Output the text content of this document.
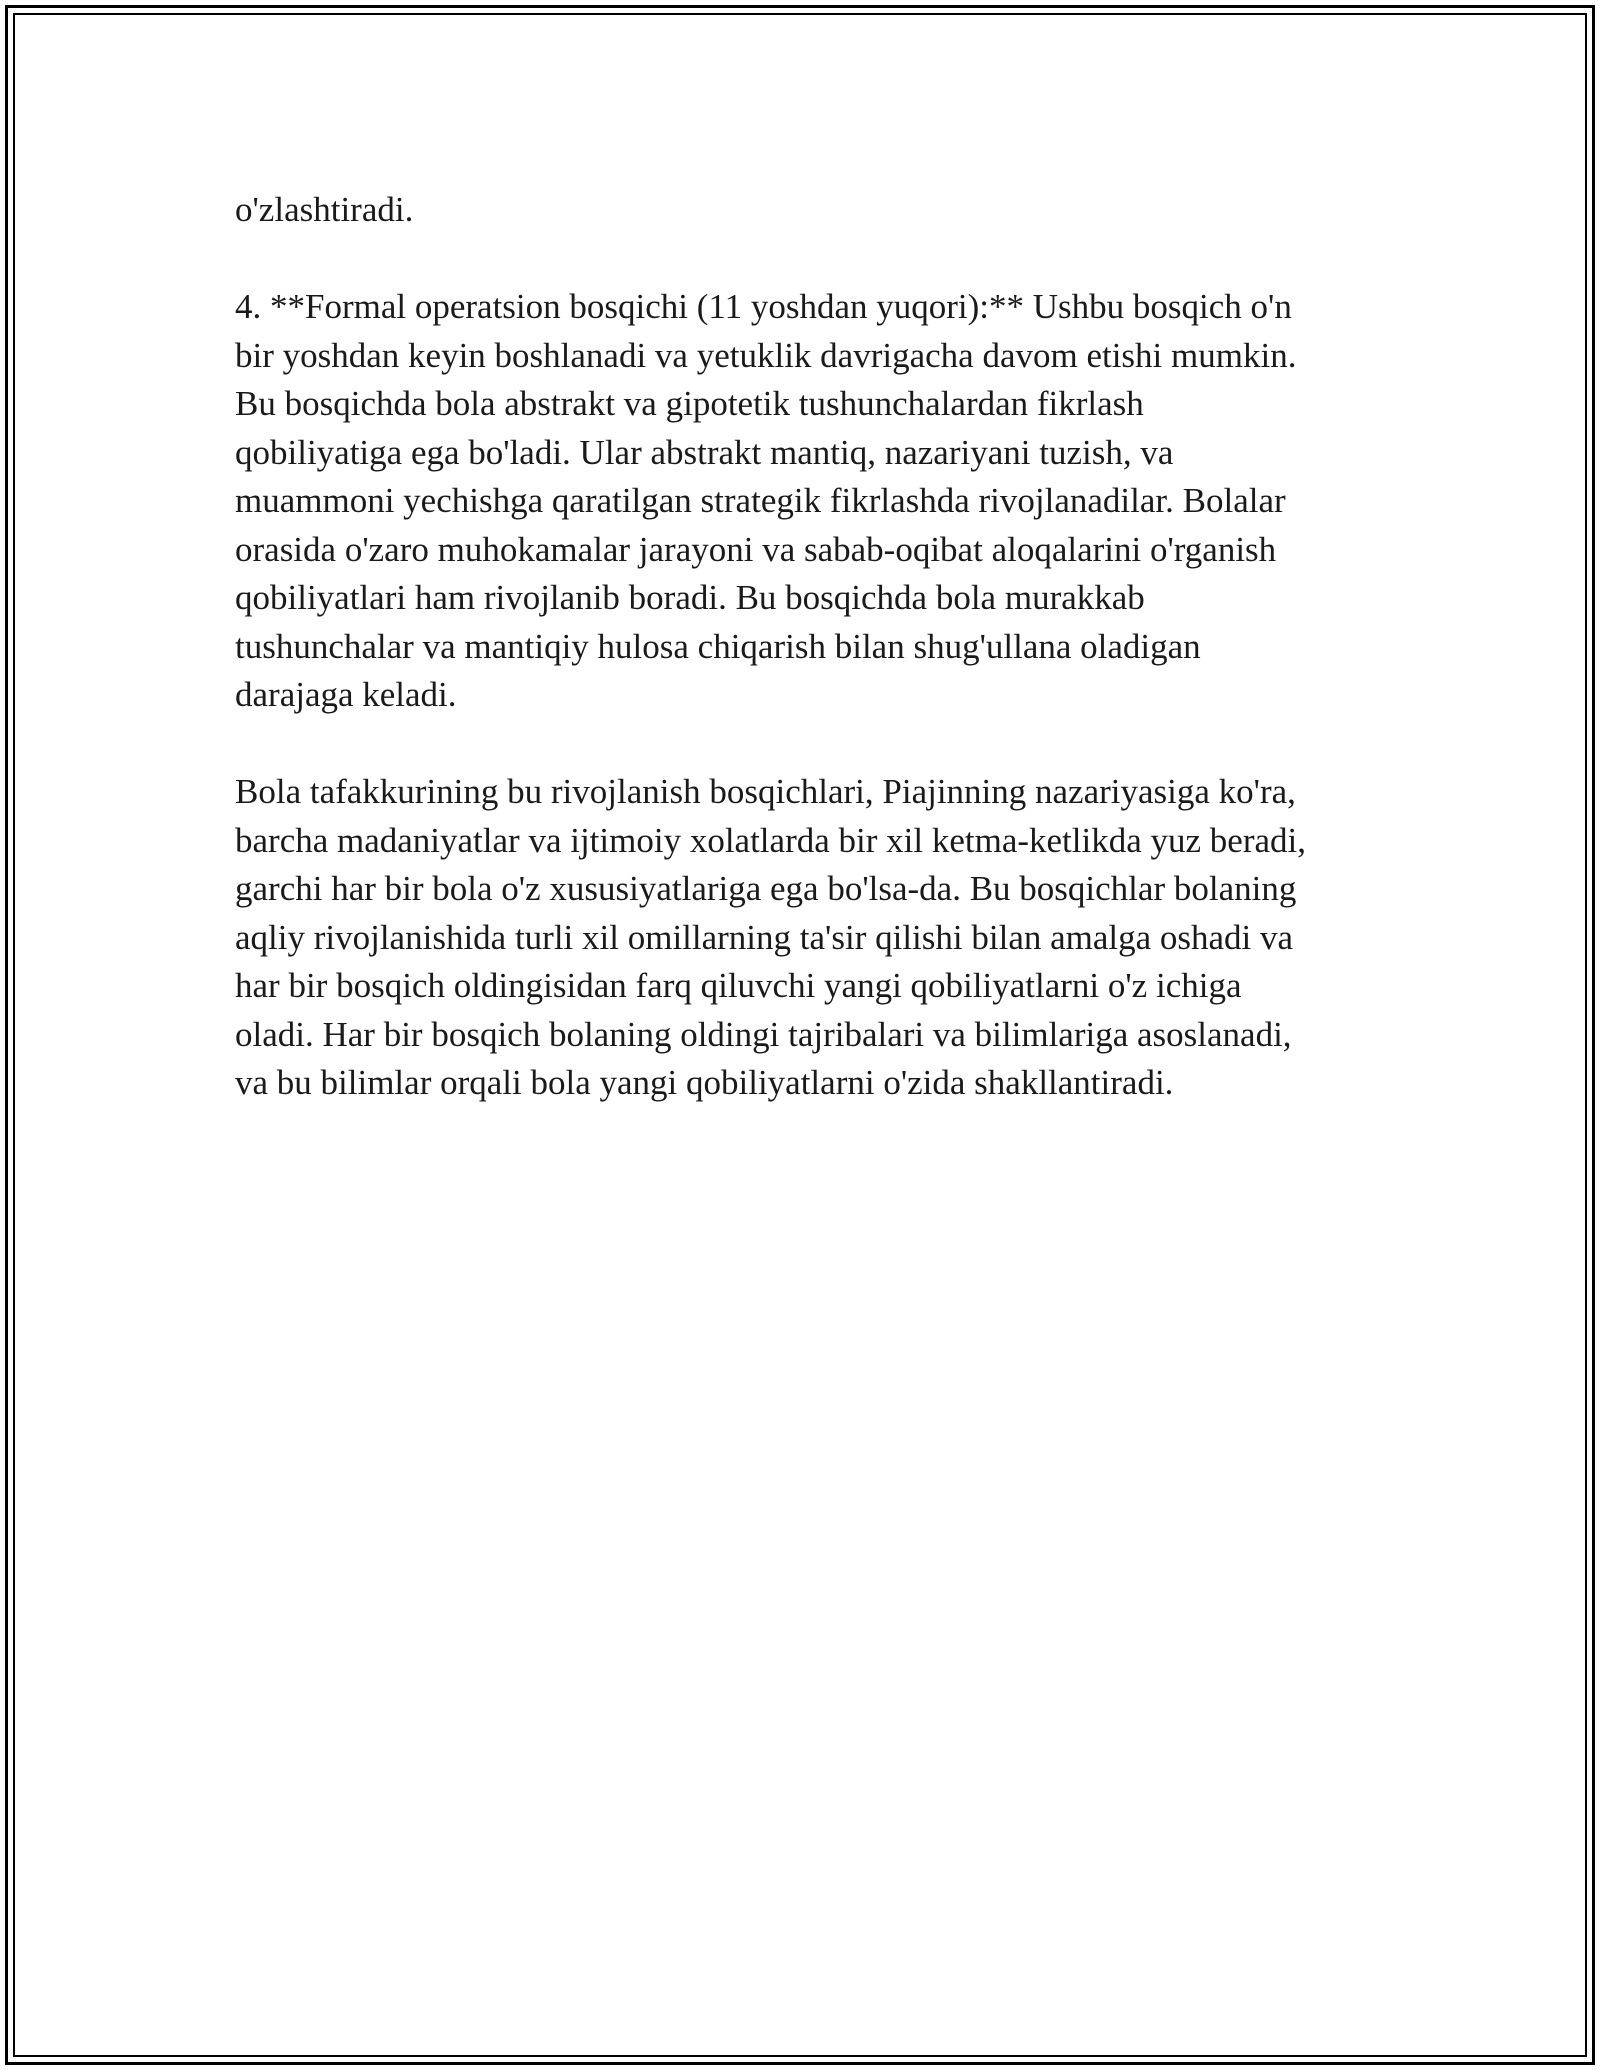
o'zlashtiradi.

4. **Formal operatsion bosqichi (11 yoshdan yuqori):** Ushbu bosqich o'n
bir yoshdan keyin boshlanadi va yetuklik davrigacha davom etishi mumkin.
Bu bosqichda bola abstrakt va gipotetik tushunchalardan fikrlash
qobiliyatiga ega bo'ladi. Ular abstrakt mantiq, nazariyani tuzish, va
muammoni yechishga qaratilgan strategik fikrlashda rivojlanadilar. Bolalar
orasida o'zaro muhokamalar jarayoni va sabab-oqibat aloqalarini o'rganish
qobiliyatlari ham rivojlanib boradi. Bu bosqichda bola murakkab
tushunchalar va mantiqiy hulosa chiqarish bilan shug'ullana oladigan
darajaga keladi.

Bola tafakkurining bu rivojlanish bosqichlari, Piajinning nazariyasiga ko'ra,
barcha madaniyatlar va ijtimoiy xolatlarda bir xil ketma-ketlikda yuz beradi,
garchi har bir bola o'z xususiyatlariga ega bo'lsa-da. Bu bosqichlar bolaning
aqliy rivojlanishida turli xil omillarning ta'sir qilishi bilan amalga oshadi va
har bir bosqich oldingisidan farq qiluvchi yangi qobiliyatlarni o'z ichiga
oladi. Har bir bosqich bolaning oldingi tajribalari va bilimlariga asoslanadi,
va bu bilimlar orqali bola yangi qobiliyatlarni o'zida shakllantiradi.
